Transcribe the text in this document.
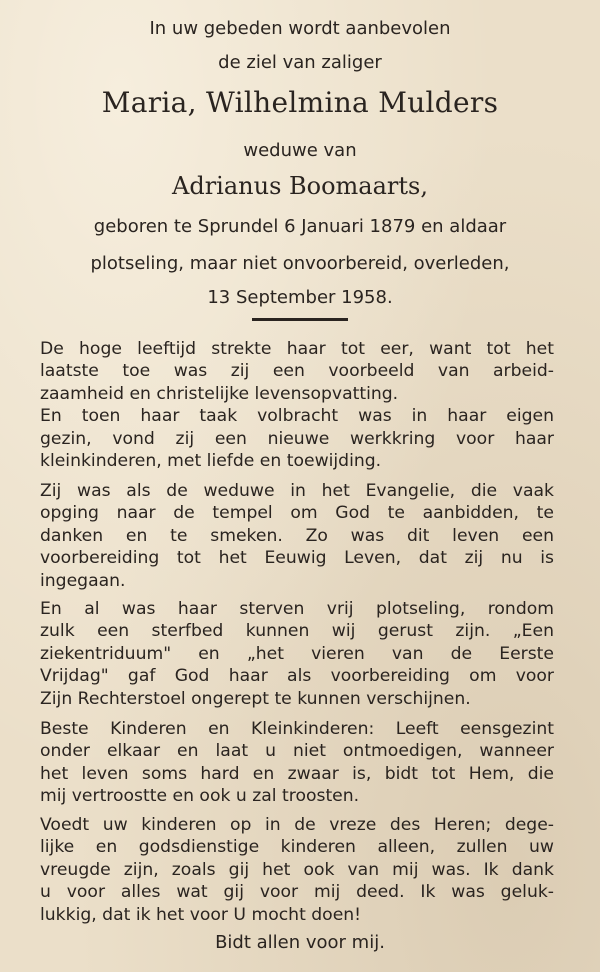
In uw gebeden wordt aanbevolen
de ziel van zaliger
Maria, Wilhelmina Mulders
weduwe van
Adrianus Boomaarts,
geboren te Sprundel 6 Januari 1879 en aldaar
plotseling, maar niet onvoorbereid, overleden,
13 September 1958.
De hoge leeftijd strekte haar tot eer, want tot het
laatste toe was zij een voorbeeld van arbeid-
zaamheid en christelijke levensopvatting.
En toen haar taak volbracht was in haar eigen
gezin, vond zij een nieuwe werkkring voor haar
kleinkinderen, met liefde en toewijding.
Zij was als de weduwe in het Evangelie, die vaak
opging naar de tempel om God te aanbidden, te
danken en te smeken. Zo was dit leven een
voorbereiding tot het Eeuwig Leven, dat zij nu is
ingegaan.
En al was haar sterven vrij plotseling, rondom
zulk een sterfbed kunnen wij gerust zijn. „Een
ziekentriduum" en „het vieren van de Eerste
Vrijdag" gaf God haar als voorbereiding om voor
Zijn Rechterstoel ongerept te kunnen verschijnen.
Beste Kinderen en Kleinkinderen: Leeft eensgezint
onder elkaar en laat u niet ontmoedigen, wanneer
het leven soms hard en zwaar is, bidt tot Hem, die
mij vertroostte en ook u zal troosten.
Voedt uw kinderen op in de vreze des Heren; dege-
lijke en godsdienstige kinderen alleen, zullen uw
vreugde zijn, zoals gij het ook van mij was. Ik dank
u voor alles wat gij voor mij deed. Ik was geluk-
lukkig, dat ik het voor U mocht doen!
Bidt allen voor mij.
